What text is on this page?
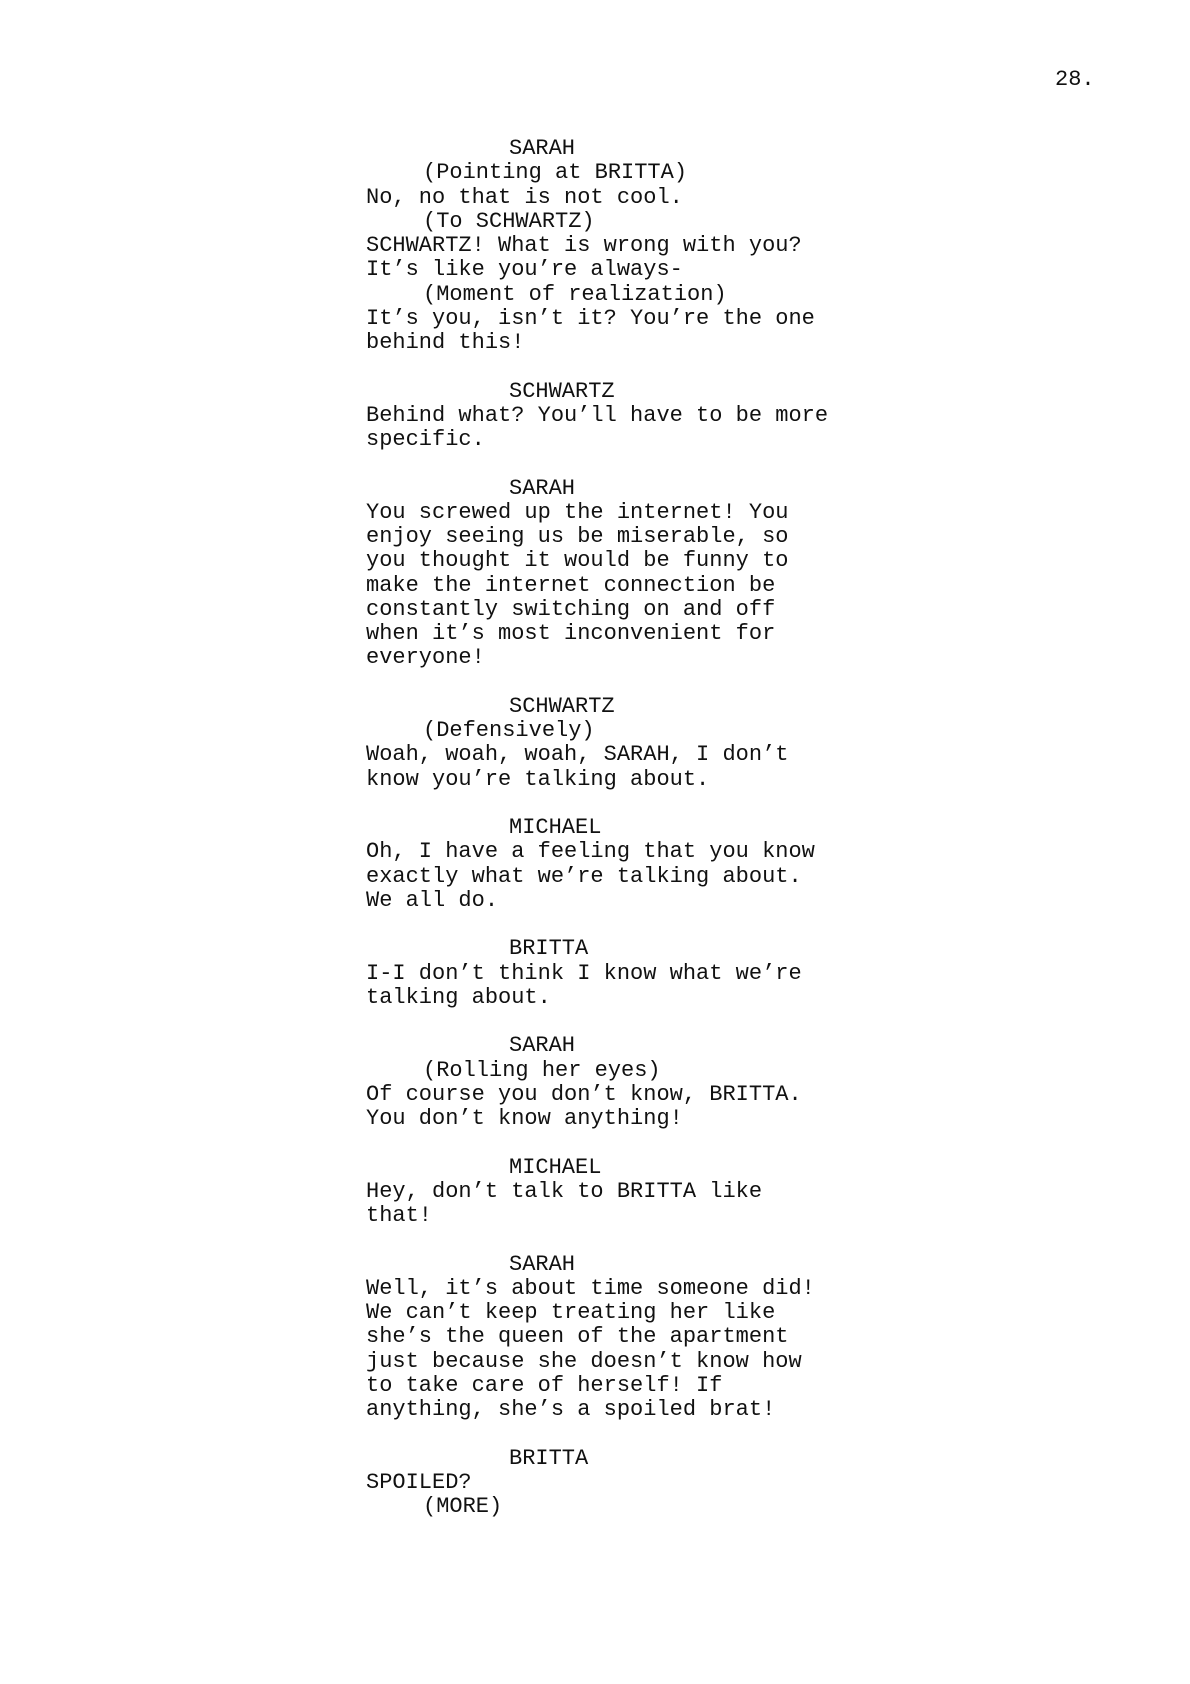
28.
SARAH
(Pointing at BRITTA)
No, no that is not cool.
(To SCHWARTZ)
SCHWARTZ! What is wrong with you?
It’s like you’re always-
(Moment of realization)
It’s you, isn’t it? You’re the one
behind this!
SCHWARTZ
Behind what? You’ll have to be more
specific.
SARAH
You screwed up the internet! You
enjoy seeing us be miserable, so
you thought it would be funny to
make the internet connection be
constantly switching on and off
when it’s most inconvenient for
everyone!
SCHWARTZ
(Defensively)
Woah, woah, woah, SARAH, I don’t
know you’re talking about.
MICHAEL
Oh, I have a feeling that you know
exactly what we’re talking about.
We all do.
BRITTA
I-I don’t think I know what we’re
talking about.
SARAH
(Rolling her eyes)
Of course you don’t know, BRITTA.
You don’t know anything!
MICHAEL
Hey, don’t talk to BRITTA like
that!
SARAH
Well, it’s about time someone did!
We can’t keep treating her like
she’s the queen of the apartment
just because she doesn’t know how
to take care of herself! If
anything, she’s a spoiled brat!
BRITTA
SPOILED?
(MORE)
